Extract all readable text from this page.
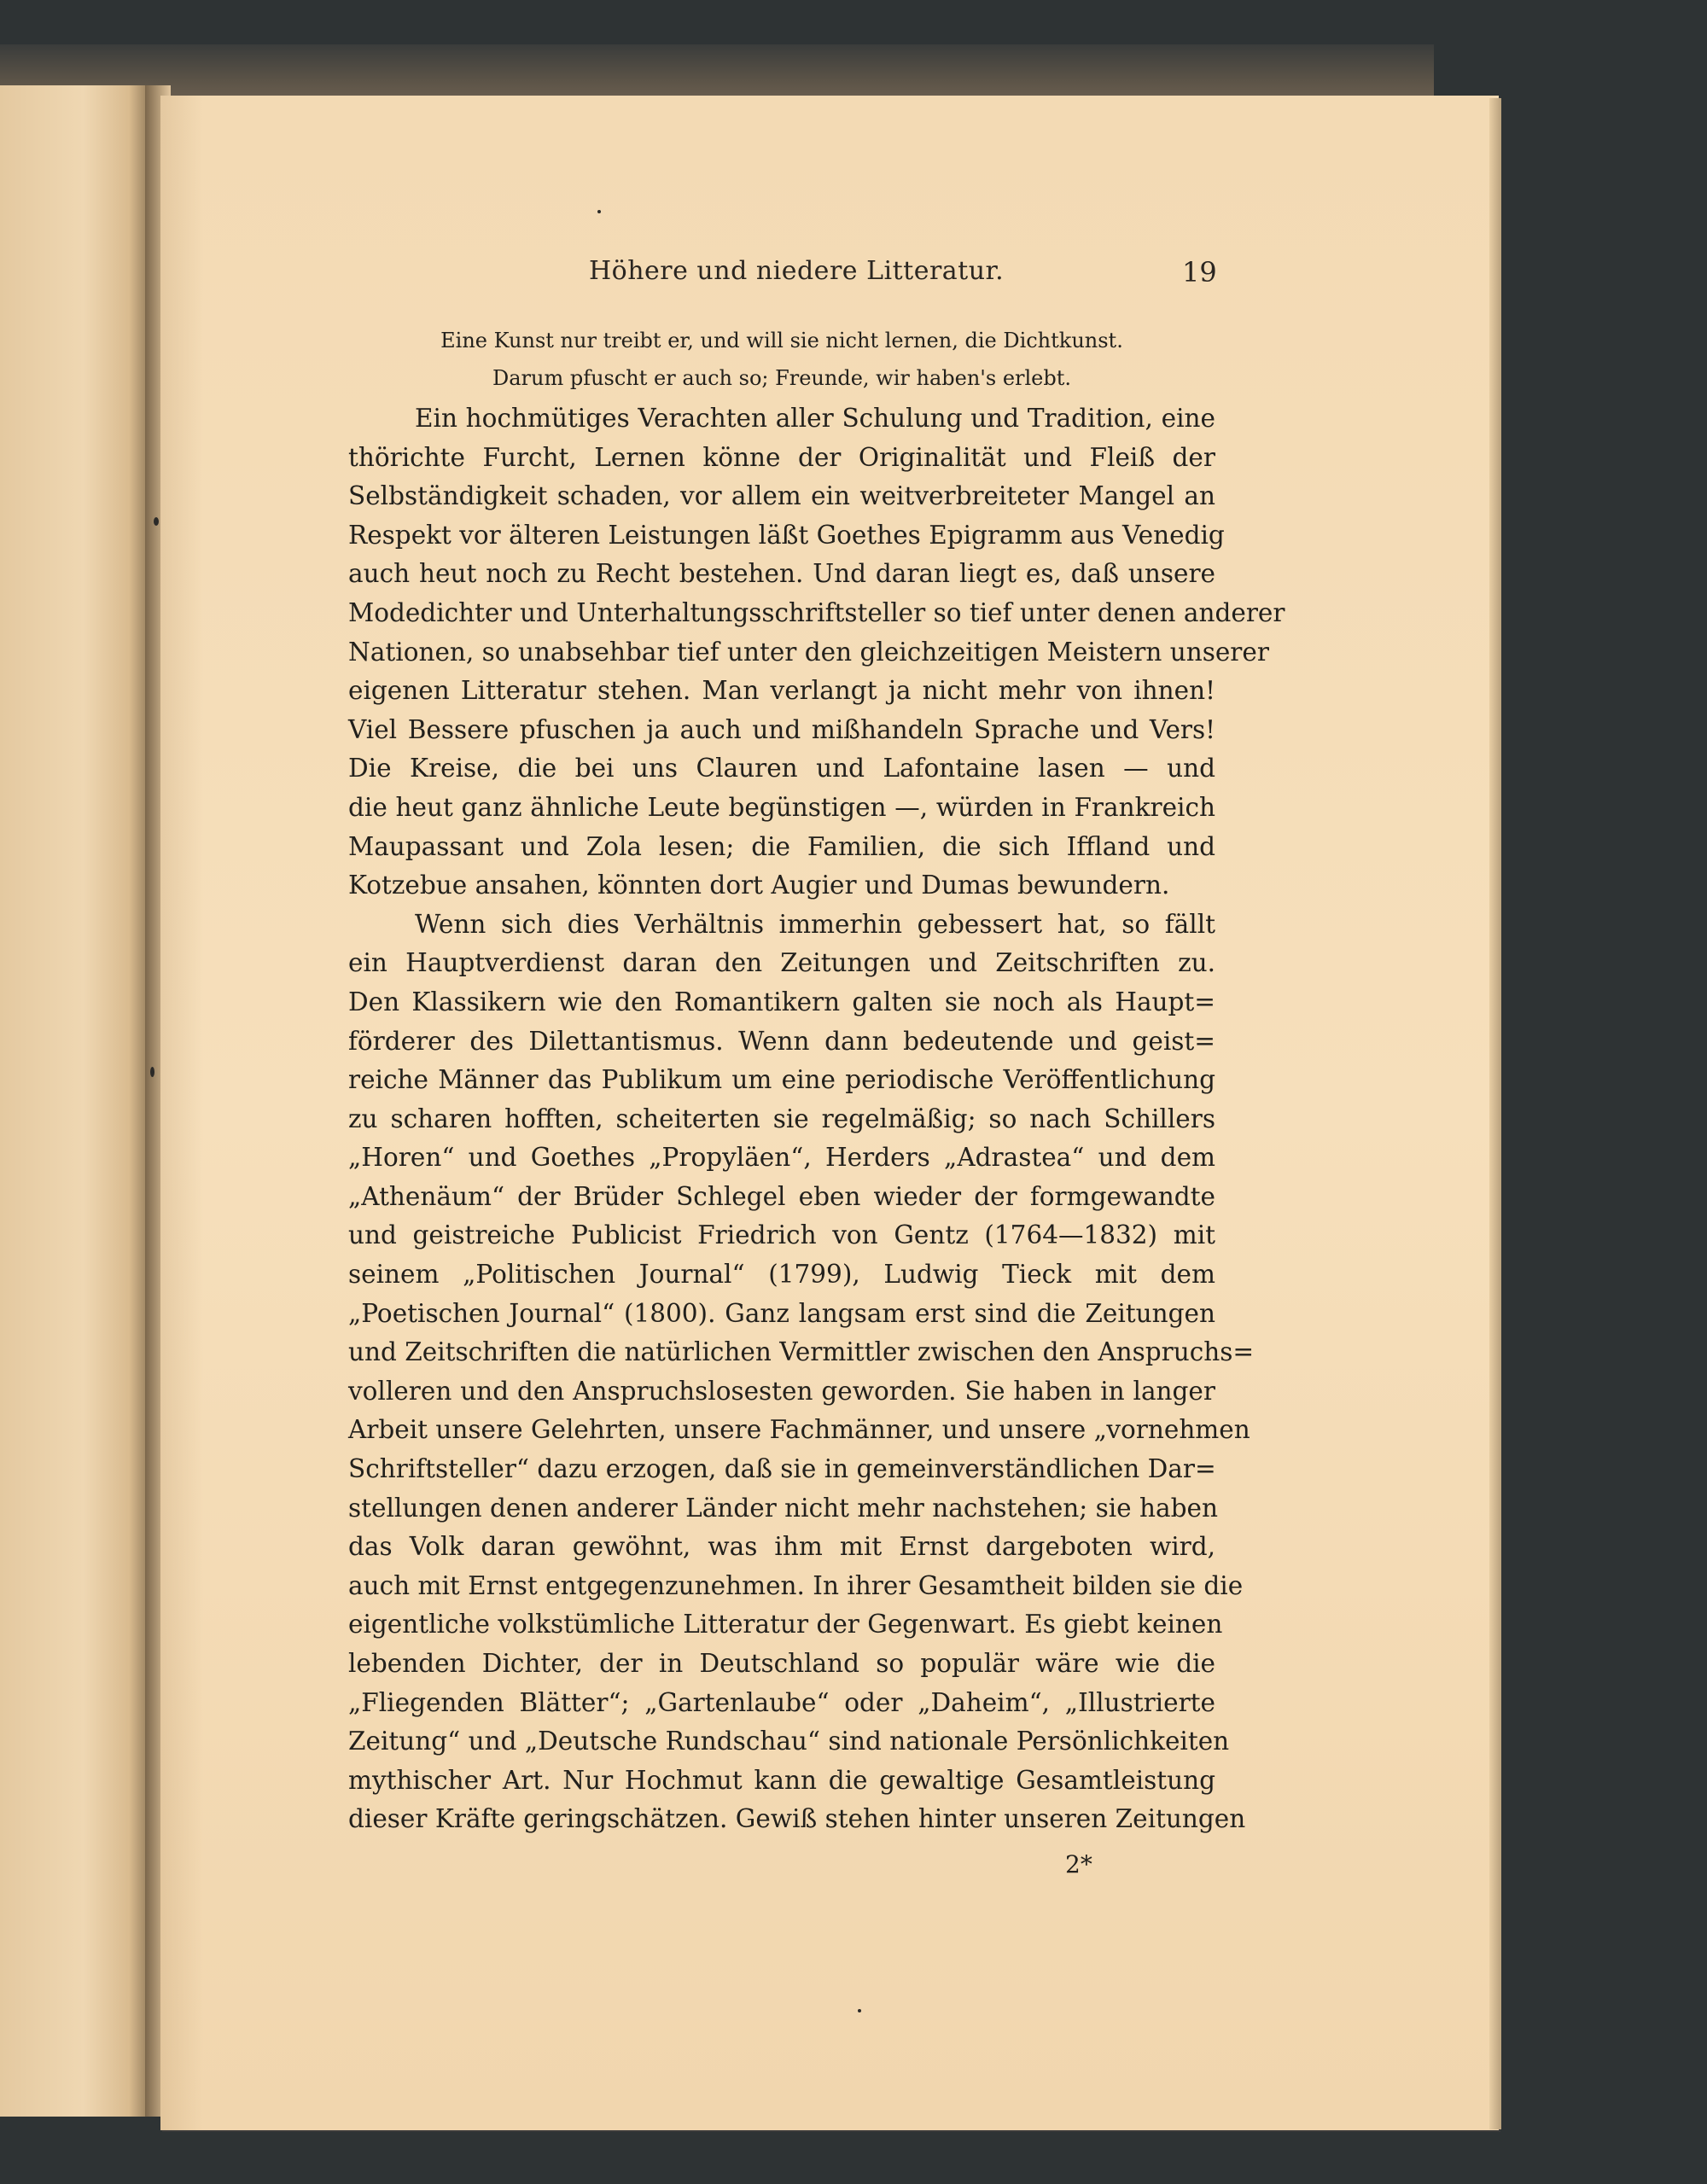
Höhere und niedere Litteratur.	19
Eine Kunst nur treibt er, und will sie nicht lernen, die Dichtkunst.
Darum pfuscht er auch so; Freunde, wir haben's erlebt.
Ein hochmütiges Verachten aller Schulung und Tradition, eine
thörichte Furcht, Lernen könne der Originalität und Fleiß der
Selbständigkeit schaden, vor allem ein weitverbreiteter Mangel an
Respekt vor älteren Leistungen läßt Goethes Epigramm aus Venedig
auch heut noch zu Recht bestehen. Und daran liegt es, daß unsere
Modedichter und Unterhaltungsschriftsteller so tief unter denen anderer
Nationen, so unabsehbar tief unter den gleichzeitigen Meistern unserer
eigenen Litteratur stehen. Man verlangt ja nicht mehr von ihnen!
Viel Bessere pfuschen ja auch und mißhandeln Sprache und Vers!
Die Kreise, die bei uns Clauren und Lafontaine lasen — und
die heut ganz ähnliche Leute begünstigen —, würden in Frankreich
Maupassant und Zola lesen; die Familien, die sich Iffland und
Kotzebue ansahen, könnten dort Augier und Dumas bewundern.
Wenn sich dies Verhältnis immerhin gebessert hat, so fällt
ein Hauptverdienst daran den Zeitungen und Zeitschriften zu.
Den Klassikern wie den Romantikern galten sie noch als Haupt=
förderer des Dilettantismus. Wenn dann bedeutende und geist=
reiche Männer das Publikum um eine periodische Veröffentlichung
zu scharen hofften, scheiterten sie regelmäßig; so nach Schillers
„Horen“ und Goethes „Propyläen“, Herders „Adrastea“ und dem
„Athenäum“ der Brüder Schlegel eben wieder der formgewandte
und geistreiche Publicist Friedrich von Gentz (1764—1832) mit
seinem „Politischen Journal“ (1799), Ludwig Tieck mit dem
„Poetischen Journal“ (1800). Ganz langsam erst sind die Zeitungen
und Zeitschriften die natürlichen Vermittler zwischen den Anspruchs=
volleren und den Anspruchslosesten geworden. Sie haben in langer
Arbeit unsere Gelehrten, unsere Fachmänner, und unsere „vornehmen
Schriftsteller“ dazu erzogen, daß sie in gemeinverständlichen Dar=
stellungen denen anderer Länder nicht mehr nachstehen; sie haben
das Volk daran gewöhnt, was ihm mit Ernst dargeboten wird,
auch mit Ernst entgegenzunehmen. In ihrer Gesamtheit bilden sie die
eigentliche volkstümliche Litteratur der Gegenwart. Es giebt keinen
lebenden Dichter, der in Deutschland so populär wäre wie die
„Fliegenden Blätter“; „Gartenlaube“ oder „Daheim“, „Illustrierte
Zeitung“ und „Deutsche Rundschau“ sind nationale Persönlichkeiten
mythischer Art. Nur Hochmut kann die gewaltige Gesamtleistung
dieser Kräfte geringschätzen. Gewiß stehen hinter unseren Zeitungen
2*
